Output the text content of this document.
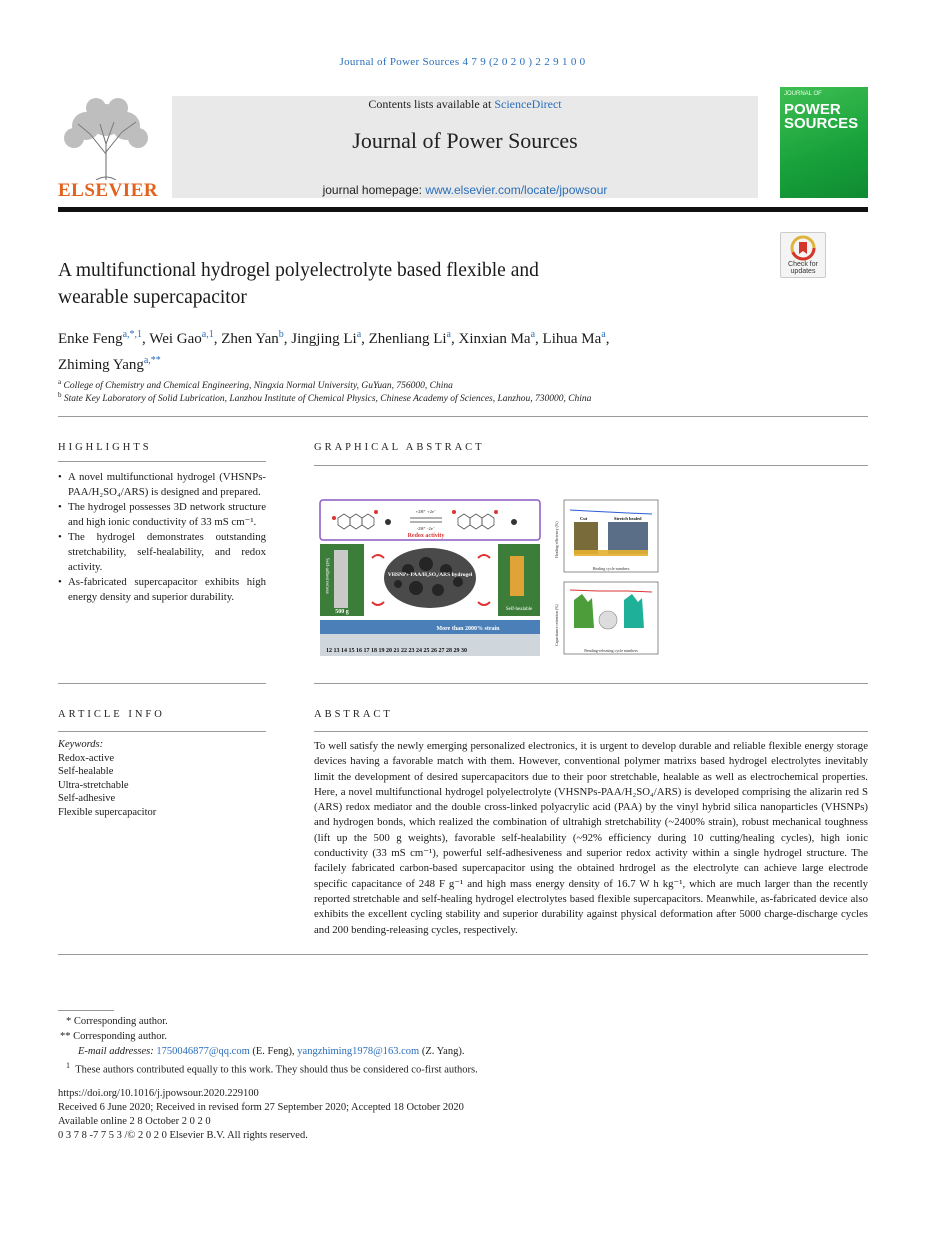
Journal of Power Sources 4 7 9 (2 0 2 0 ) 2 2 9 1 0 0
ELSEVIER
Contents lists available at ScienceDirect
Journal of Power Sources
journal homepage: www.elsevier.com/locate/jpowsour
JOURNAL OF
POWER
SOURCES
Check for updates
A multifunctional hydrogel polyelectrolyte based flexible and
wearable supercapacitor
Enke Feng$^{a,*,1}$, Wei Gao$^{a,1}$, Zhen Yan$^b$, Jingjing Li$^a$, Zhenliang Li$^a$, Xinxian Ma$^a$, Lihua Ma$^a$,
Zhiming Yang$^{a,**}$
$^a$ College of Chemistry and Chemical Engineering, Ningxia Normal University, GuYuan, 756000, China
$^b$ State Key Laboratory of Solid Lubrication, Lanzhou Institute of Chemical Physics, Chinese Academy of Sciences, Lanzhou, 730000, China
HIGHLIGHTS
• A novel multifunctional hydrogel (VHSNPs-PAA/H₂SO₄/ARS) is designed and prepared.
• The hydrogel possesses 3D network structure and high ionic conductivity of 33 mS cm⁻¹.
• The hydrogel demonstrates outstanding stretchability, self-healability, and redox activity.
• As-fabricated supercapacitor exhibits high energy density and superior durability.
GRAPHICAL ABSTRACT
+2H⁺ +2e⁻
-2H⁺ -2e⁻
Redox activity
Self-adhesiveness
500 g
VHSNPs-PAA/H₂SO₄/ARS hydrogel
Self-healable
More than 2000% strain
12 13 14 15 16 17 18 19 20 21 22 23 24 25 26 27 28 29 30
Cut	Stretch healed
Healing cycle numbers
Healing efficiency (%)
Bending-releasing cycle numbers
Capacitance retention (%)
ARTICLE INFO
Keywords:
Redox-active
Self-healable
Ultra-stretchable
Self-adhesive
Flexible supercapacitor
ABSTRACT
To well satisfy the newly emerging personalized electronics, it is urgent to develop durable and reliable flexible energy storage devices having a favorable match with them. However, conventional polymer matrixs based hydrogel electrolytes inevitably limit the development of desired supercapacitors due to their poor stretchable, healable as well as electrochemical properties. Here, a novel multifunctional hydrogel polyelectrolyte (VHSNPs-PAA/H₂SO₄/ARS) is developed comprising the alizarin red S (ARS) redox mediator and the double cross-linked polyacrylic acid (PAA) by the vinyl hybrid silica nanoparticles (VHSNPs) and hydrogen bonds, which realized the combination of ultrahigh stretchability (~2400% strain), robust mechanical toughness (lift up the 500 g weights), favorable self-healability (~92% efficiency during 10 cutting/healing cycles), high ionic conductivity (33 mS cm⁻¹), powerful self-adhesiveness and superior redox activity within a single hydrogel structure. The facilely fabricated carbon-based supercapacitor using the obtained hrdrogel as the electrolyte can achieve large electrode specific capacitance of 248 F g⁻¹ and high mass energy density of 16.7 W h kg⁻¹, which are much larger than the recently reported stretchable and self-healing hydrogel electrolytes based flexible supercapacitors. Meanwhile, as-fabricated device also exhibits the excellent cycling stability and superior durability against physical deformation after 5000 charge-discharge cycles and 200 bending-releasing cycles, respectively.
* Corresponding author.
** Corresponding author.
E-mail addresses: 1750046877@qq.com (E. Feng), yangzhiming1978@163.com (Z. Yang).
$^1$ These authors contributed equally to this work. They should thus be considered co-first authors.
https://doi.org/10.1016/j.jpowsour.2020.229100
Received 6 June 2020; Received in revised form 27 September 2020; Accepted 18 October 2020
Available online 2 8 October 2 0 2 0
0 3 7 8 -7 7 5 3 /© 2 0 2 0 Elsevier B.V. All rights reserved.
